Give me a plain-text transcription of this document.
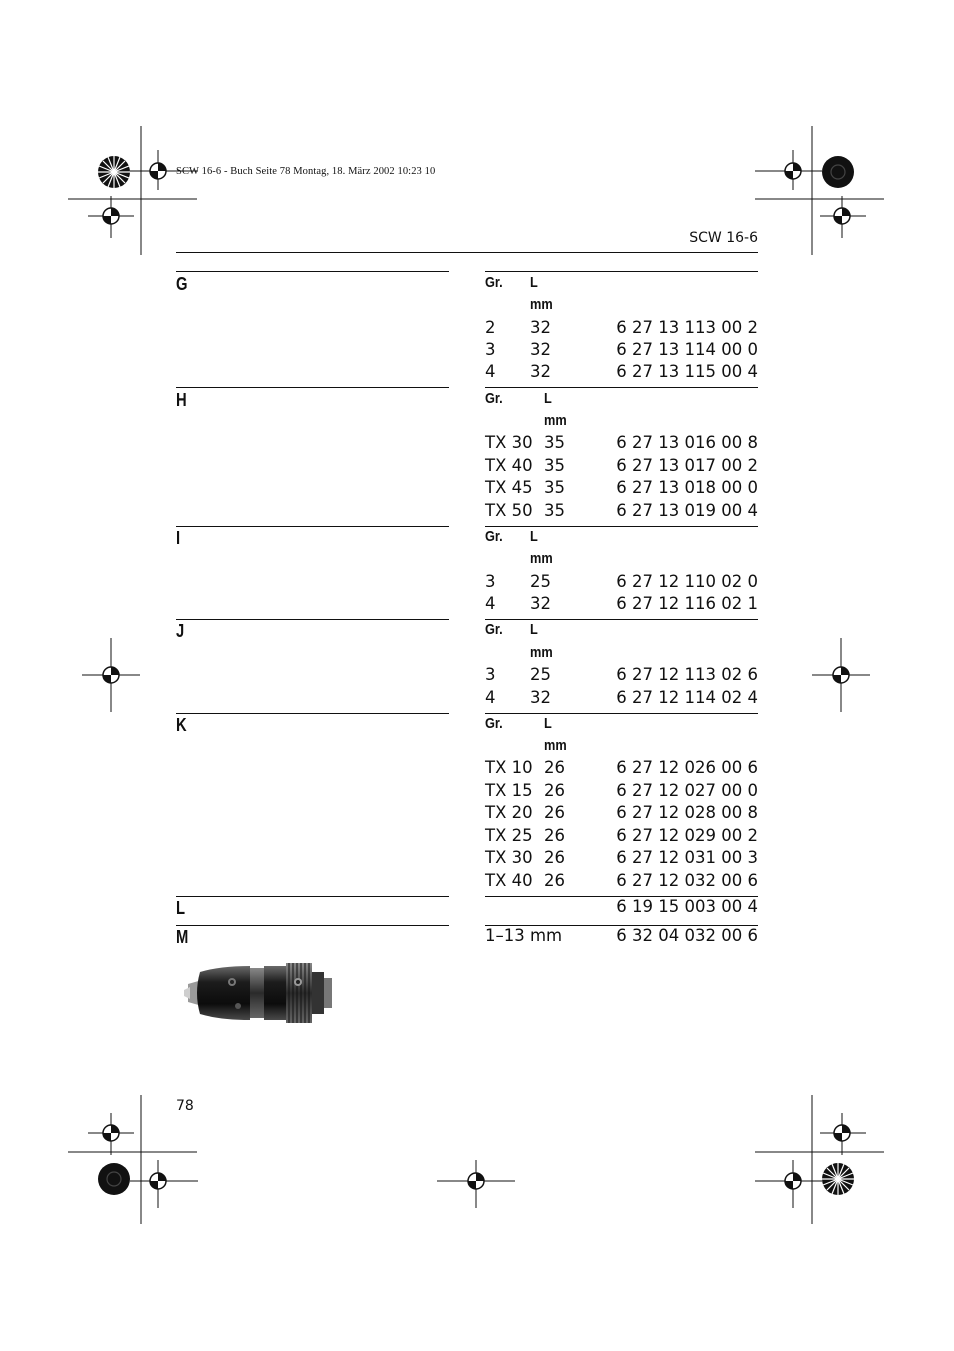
SCW 16-6 - Buch Seite 78 Montag, 18. März 2002 10:23 10
SCW 16-6
G	Gr. L
mm
2 32	6 27 13 113 00 2
3 32	6 27 13 114 00 0
4 32	6 27 13 115 00 4
H	Gr.	L
mm
TX 30 35	6 27 13 016 00 8
TX 40 35	6 27 13 017 00 2
TX 45 35	6 27 13 018 00 0
TX 50 35	6 27 13 019 00 4
I	Gr. L
mm
3 25	6 27 12 110 02 0
4 32	6 27 12 116 02 1
J	Gr. L
mm
3 25	6 27 12 113 02 6
4 32	6 27 12 114 02 4
K	Gr.	L
mm
TX 10 26	6 27 12 026 00 6
TX 15 26	6 27 12 027 00 0
TX 20 26	6 27 12 028 00 8
TX 25 26	6 27 12 029 00 2
TX 30 26	6 27 12 031 00 3
TX 40 26	6 27 12 032 00 6
L	6 19 15 003 00 4
M	1–13 mm	6 32 04 032 00 6
78
